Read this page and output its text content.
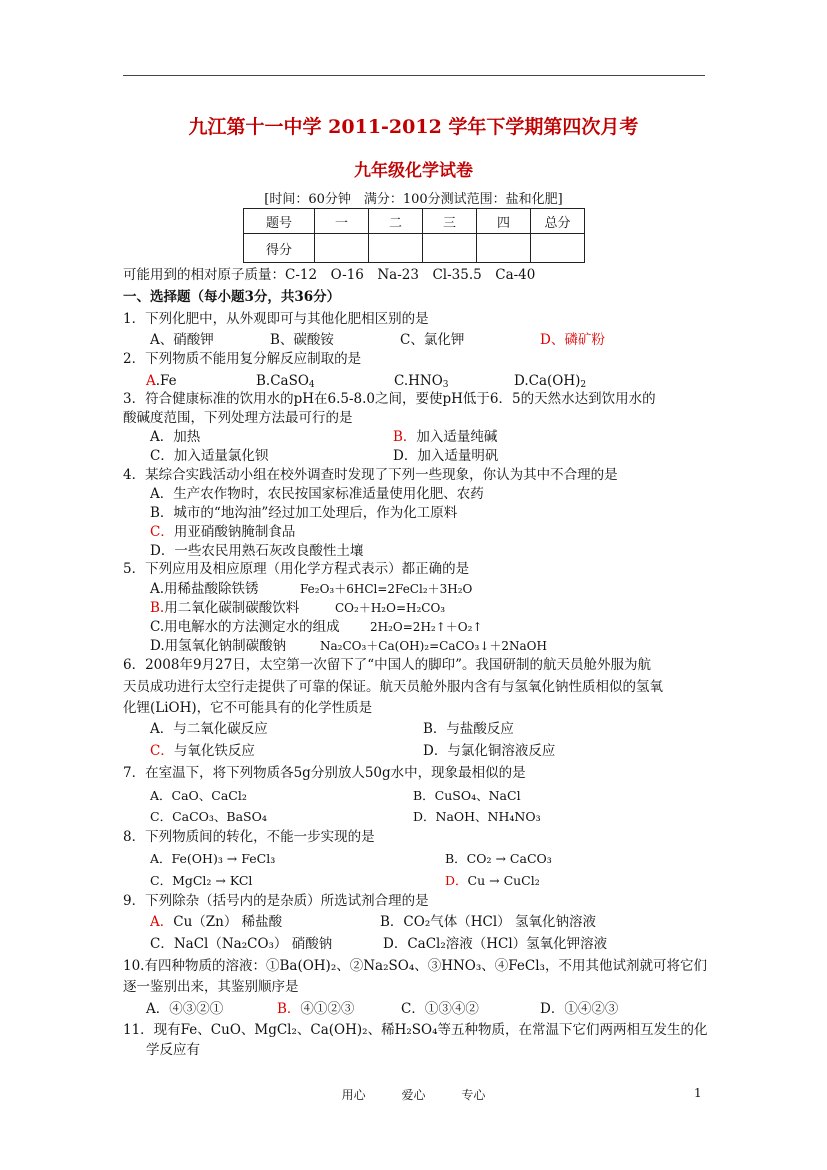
九江第十一中学 2011-2012 学年下学期第四次月考
九年级化学试卷
[时间：60分钟　满分：100分测试范围：盐和化肥]
题号	一	二	三	四	总分
得分					
可能用到的相对原子质量：C-12　O-16　Na-23　Cl-35.5　Ca-40
一、选择题（每小题3分，共36分）
1．下列化肥中，从外观即可与其他化肥相区别的是
A、硝酸钾	B、碳酸铵	C、氯化钾	D、磷矿粉
2．下列物质不能用复分解反应制取的是
A.Fe	B.CaSO$_4$	$C.HNO_3$	$D.Ca(OH)_2$
3．符合健康标准的饮用水的pH在6.5-8.0之间，要使pH低于6．5的天然水达到饮用水的
酸碱度范围，下列处理方法最可行的是
A．加热	B．加入适量纯碱
C．加入适量氯化钡	D．加入适量明矾
4．某综合实践活动小组在校外调查时发现了下列一些现象，你认为其中不合理的是
A．生产农作物时，农民按国家标准适量使用化肥、农药
B．城市的“地沟油”经过加工处理后，作为化工原料
C．用亚硝酸钠腌制食品
D．一些农民用熟石灰改良酸性土壤
5．下列应用及相应原理（用化学方程式表示）都正确的是
A.用稀盐酸除铁锈	Fe₂O₃＋6HCl=2FeCl₂＋3H₂O
B.用二氧化碳制碳酸饮料	CO₂＋H₂O=H₂CO₃
C.用电解水的方法测定水的组成	2H₂O=2H₂↑＋O₂↑
D.用氢氧化钠制碳酸钠	Na₂CO₃＋Ca(OH)₂=CaCO₃↓＋2NaOH
6．2008年9月27日，太空第一次留下了“中国人的脚印”。我国研制的航天员舱外服为航
天员成功进行太空行走提供了可靠的保证。航天员舱外服内含有与氢氧化钠性质相似的氢氧
化锂(LiOH)，它不可能具有的化学性质是
A．与二氧化碳反应	B．与盐酸反应
C．与氧化铁反应	D．与氯化铜溶液反应
7．在室温下，将下列物质各5g分别放人50g水中，现象最相似的是
A．CaO、CaCl₂	B．CuSO₄、NaCl
C．CaCO₃、BaSO₄	D．NaOH、NH₄NO₃
8．下列物质间的转化，不能一步实现的是
A．Fe(OH)₃ → FeCl₃	B．CO₂ → CaCO₃
C．MgCl₂ → KCl	D．Cu → CuCl₂
9．下列除杂（括号内的是杂质）所选试剂合理的是
A．Cu（Zn） 稀盐酸	B．CO₂气体（HCl） 氢氧化钠溶液
C．NaCl（Na₂CO₃） 硝酸钠	D．CaCl₂溶液（HCl）氢氧化钾溶液
10.有四种物质的溶液：①Ba(OH)₂、②Na₂SO₄、③HNO₃、④FeCl₃，不用其他试剂就可将它们
逐一鉴别出来，其鉴别顺序是
A．④③②①	B．④①②③	C．①③④②	D．①④②③
11．现有Fe、CuO、MgCl₂、Ca(OH)₂、稀H₂SO₄等五种物质，在常温下它们两两相互发生的化
学反应有
用心	爱心	专心	1
